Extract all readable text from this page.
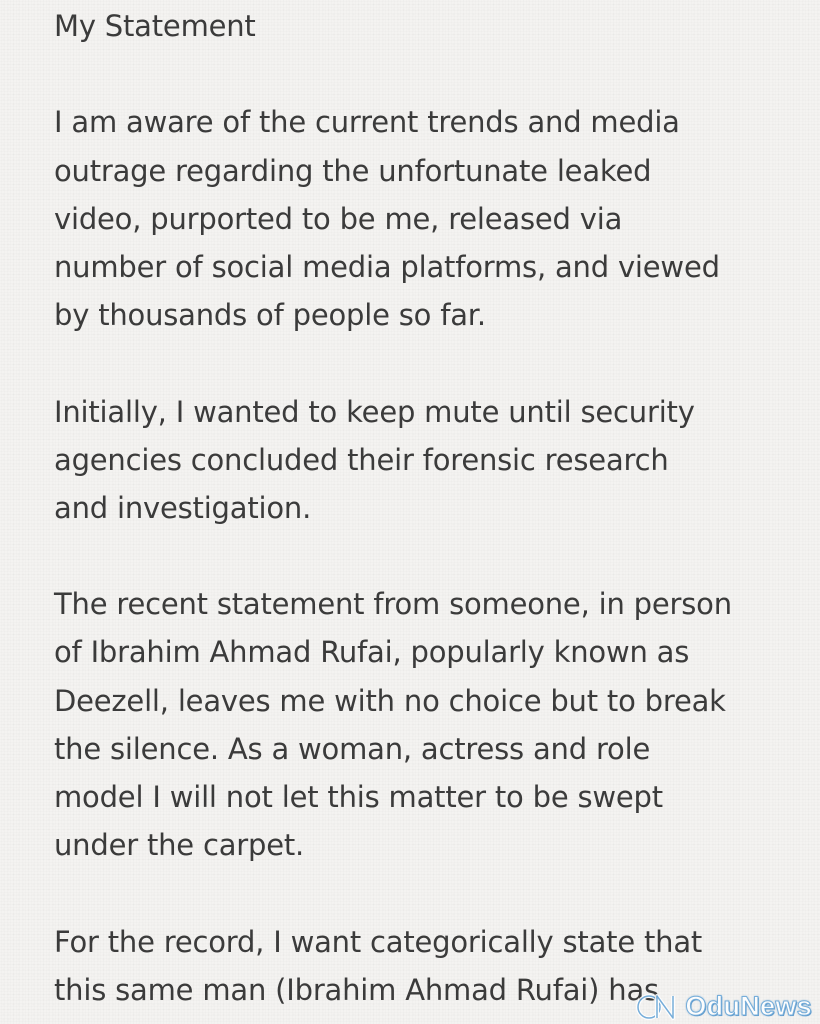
My Statement
I am aware of the current trends and media
outrage regarding the unfortunate leaked
video, purported to be me, released via
number of social media platforms, and viewed
by thousands of people so far.
Initially, I wanted to keep mute until security
agencies concluded their forensic research
and investigation.
The recent statement from someone, in person
of Ibrahim Ahmad Rufai, popularly known as
Deezell, leaves me with no choice but to break
the silence. As a woman, actress and role
model I will not let this matter to be swept
under the carpet.
For the record, I want categorically state that
this same man (Ibrahim Ahmad Rufai) has OduNews
